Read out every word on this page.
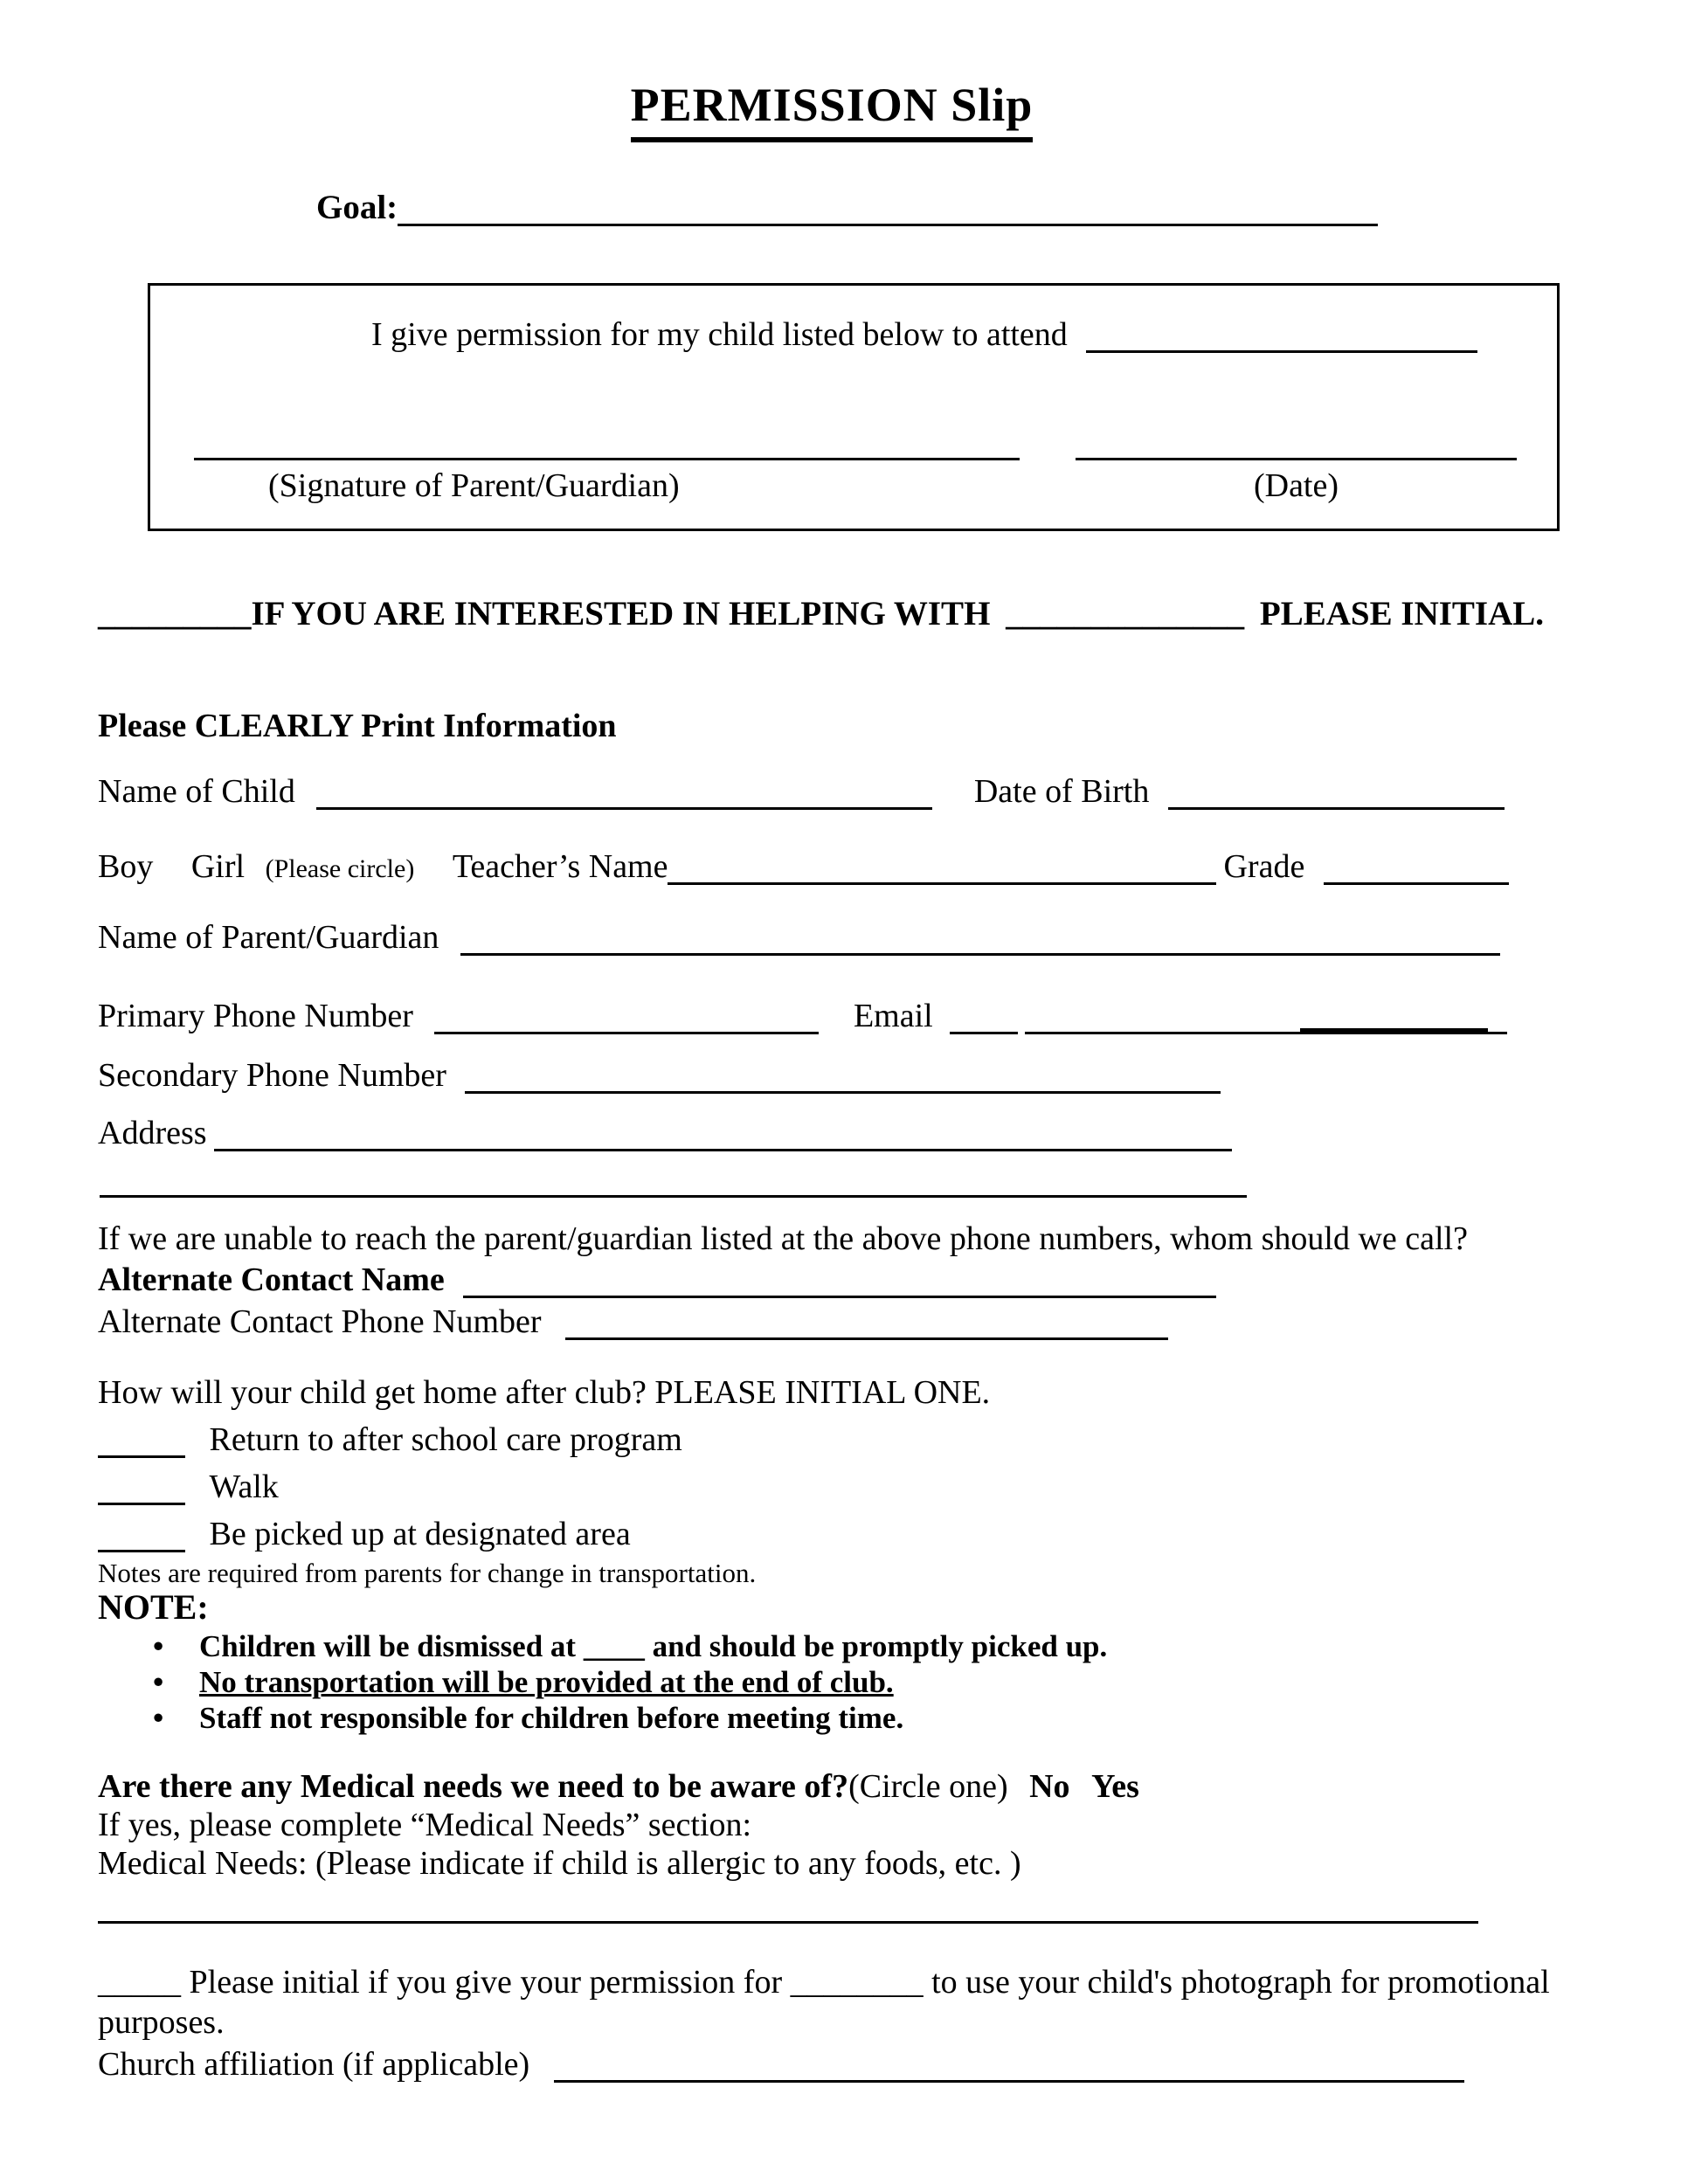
PERMISSION Slip
Goal:
I give permission for my child listed below to attend
(Signature of Parent/Guardian)	(Date)
_________IF YOU ARE INTERESTED IN HELPING WITH ______________ PLEASE INITIAL.
Please CLEARLY Print Information
Name of Child	Date of Birth
Boy Girl (Please circle) Teacher’s Name	Grade
Name of Parent/Guardian
Primary Phone Number	Email
Secondary Phone Number
Address
If we are unable to reach the parent/guardian listed at the above phone numbers, whom should we call?
Alternate Contact Name
Alternate Contact Phone Number
How will your child get home after club? PLEASE INITIAL ONE.
Return to after school care program
Walk
Be picked up at designated area
Notes are required from parents for change in transportation.
NOTE:
•	Children will be dismissed at ____ and should be promptly picked up.
•	No transportation will be provided at the end of club.
•	Staff not responsible for children before meeting time.
Are there any Medical needs we need to be aware of?(Circle one) No Yes
If yes, please complete “Medical Needs” section:
Medical Needs: (Please indicate if child is allergic to any foods, etc. )
_____ Please initial if you give your permission for ________ to use your child's photograph for promotional purposes.
Church affiliation (if applicable)
